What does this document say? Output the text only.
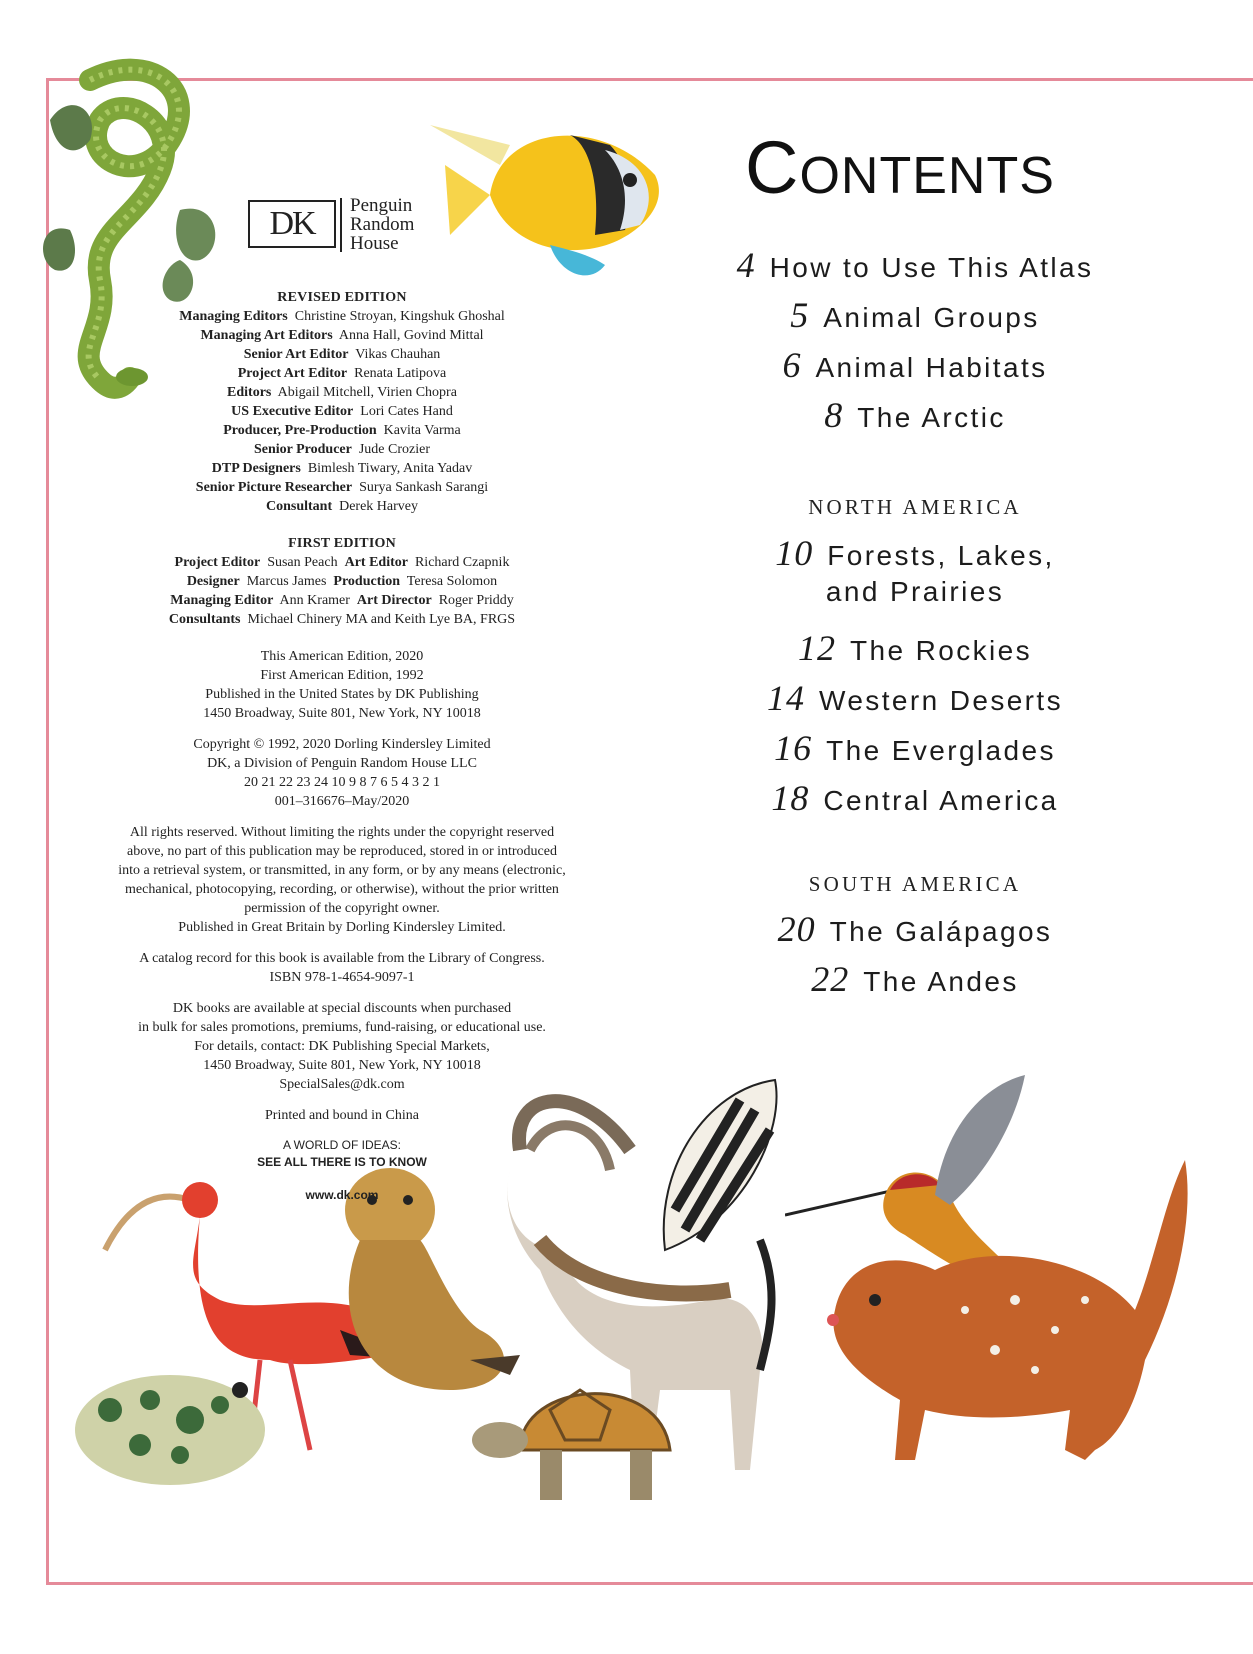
DK	Penguin
Random
House
REVISED EDITION
Managing Editors  Christine Stroyan, Kingshuk Ghoshal
Managing Art Editors  Anna Hall, Govind Mittal
Senior Art Editor  Vikas Chauhan
Project Art Editor  Renata Latipova
Editors  Abigail Mitchell, Virien Chopra
US Executive Editor  Lori Cates Hand
Producer, Pre-Production  Kavita Varma
Senior Producer  Jude Crozier
DTP Designers  Bimlesh Tiwary, Anita Yadav
Senior Picture Researcher  Surya Sankash Sarangi
Consultant  Derek Harvey
FIRST EDITION
Project Editor  Susan Peach Art Editor  Richard Czapnik
Designer  Marcus James Production  Teresa Solomon
Managing Editor  Ann Kramer Art Director  Roger Priddy
Consultants  Michael Chinery MA and Keith Lye BA, FRGS
This American Edition, 2020
First American Edition, 1992
Published in the United States by DK Publishing
1450 Broadway, Suite 801, New York, NY 10018
Copyright © 1992, 2020 Dorling Kindersley Limited
DK, a Division of Penguin Random House LLC
20 21 22 23 24 10 9 8 7 6 5 4 3 2 1
001–316676–May/2020
All rights reserved. Without limiting the rights under the copyright reserved
above, no part of this publication may be reproduced, stored in or introduced
into a retrieval system, or transmitted, in any form, or by any means (electronic,
mechanical, photocopying, recording, or otherwise), without the prior written
permission of the copyright owner.
Published in Great Britain by Dorling Kindersley Limited.
A catalog record for this book is available from the Library of Congress.
ISBN 978-1-4654-9097-1
DK books are available at special discounts when purchased
in bulk for sales promotions, premiums, fund-raising, or educational use.
For details, contact: DK Publishing Special Markets,
1450 Broadway, Suite 801, New York, NY 10018
SpecialSales@dk.com
Printed and bound in China
A WORLD OF IDEAS:
SEE ALL THERE IS TO KNOW
www.dk.com
Contents
4 How to Use This Atlas
5 Animal Groups
6 Animal Habitats
8 The Arctic
NORTH AMERICA
10 Forests, Lakes,
and Prairies
12 The Rockies
14 Western Deserts
16 The Everglades
18 Central America
SOUTH AMERICA
20 The Galápagos
22 The Andes
